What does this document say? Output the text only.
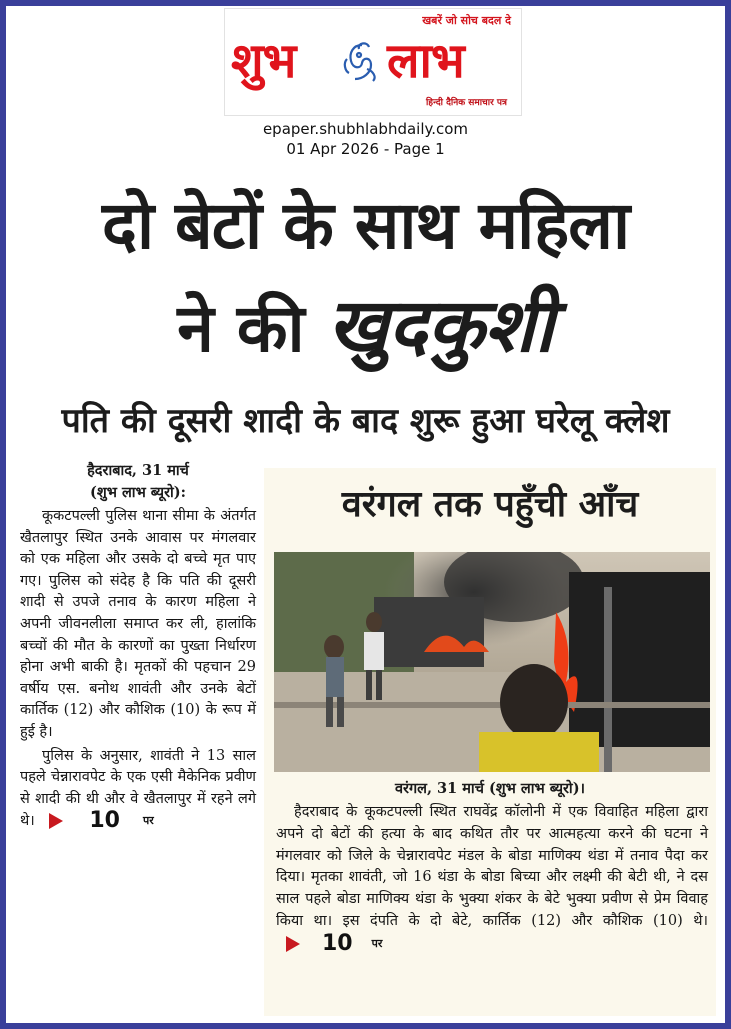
खबरें जो सोच बदल दे
शुभ लाभ
हिन्दी दैनिक समाचार पत्र
epaper.shubhlabhdaily.com
01 Apr 2026 - Page 1
दो बेटों के साथ महिला
ने की खुदकुशी
पति की दूसरी शादी के बाद शुरू हुआ घरेलू क्लेश
हैदराबाद, 31 मार्च
(शुभ लाभ ब्यूरो):

कूकटपल्ली पुलिस थाना सीमा के अंतर्गत खैतलापुर स्थित उनके आवास पर मंगलवार को एक महिला और उसके दो बच्चे मृत पाए गए। पुलिस को संदेह है कि पति की दूसरी शादी से उपजे तनाव के कारण महिला ने अपनी जीवनलीला समाप्त कर ली, हालांकि बच्चों की मौत के कारणों का पुख्ता निर्धारण होना अभी बाकी है। मृतकों की पहचान 29 वर्षीय एस. बनोथ शावंती और उनके बेटों कार्तिक (12) और कौशिक (10) के रूप में हुई है।

पुलिस के अनुसार, शावंती ने 13 साल पहले चेन्नारावपेट के एक एसी मैकेनिक प्रवीण से शादी की थी और वे खैतलापुर में रहने लगे थे।	10	पर

वरंगल तक पहुँची आँच
वरंगल, 31 मार्च (शुभ लाभ ब्यूरो)।

हैदराबाद के कूकटपल्ली स्थित राघवेंद्र कॉलोनी में एक विवाहित महिला द्वारा अपने दो बेटों की हत्या के बाद कथित तौर पर आत्महत्या करने की घटना ने मंगलवार को जिले के चेन्नारावपेट मंडल के बोडा माणिक्य थंडा में तनाव पैदा कर दिया। मृतका शावंती, जो 16 थंडा के बोडा बिच्या और लक्ष्मी की बेटी थी, ने दस साल पहले बोडा माणिक्य थंडा के भुक्या शंकर के बेटे भुक्या प्रवीण से प्रेम विवाह किया था। इस दंपति के दो बेटे, कार्तिक (12) और कौशिक (10) थे।
10	पर
